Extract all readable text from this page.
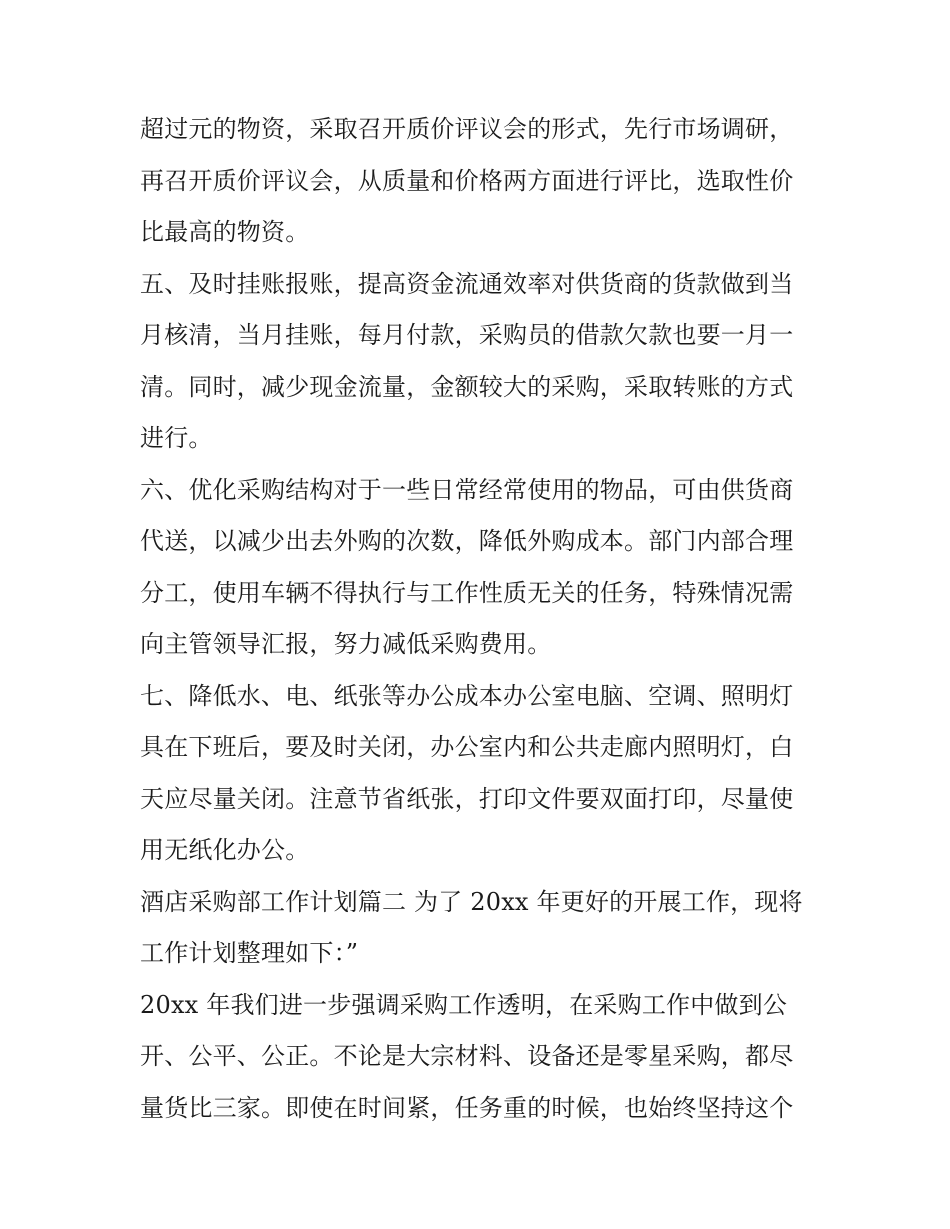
超过元的物资，采取召开质价评议会的形式，先行市场调研，
再召开质价评议会，从质量和价格两方面进行评比，选取性价
比最高的物资。
五、及时挂账报账，提高资金流通效率对供货商的货款做到当
月核清，当月挂账，每月付款，采购员的借款欠款也要一月一
清。同时，减少现金流量，金额较大的采购，采取转账的方式
进行。
六、优化采购结构对于一些日常经常使用的物品，可由供货商
代送，以减少出去外购的次数，降低外购成本。部门内部合理
分工，使用车辆不得执行与工作性质无关的任务，特殊情况需
向主管领导汇报，努力减低采购费用。
七、降低水、电、纸张等办公成本办公室电脑、空调、照明灯
具在下班后，要及时关闭，办公室内和公共走廊内照明灯，白
天应尽量关闭。注意节省纸张，打印文件要双面打印，尽量使
用无纸化办公。
酒店采购部工作计划篇二 为了 20xx 年更好的开展工作，现将
工作计划整理如下：”
20xx 年我们进一步强调采购工作透明，在采购工作中做到公
开、公平、公正。不论是大宗材料、设备还是零星采购，都尽
量货比三家。即使在时间紧，任务重的时候，也始终坚持这个
